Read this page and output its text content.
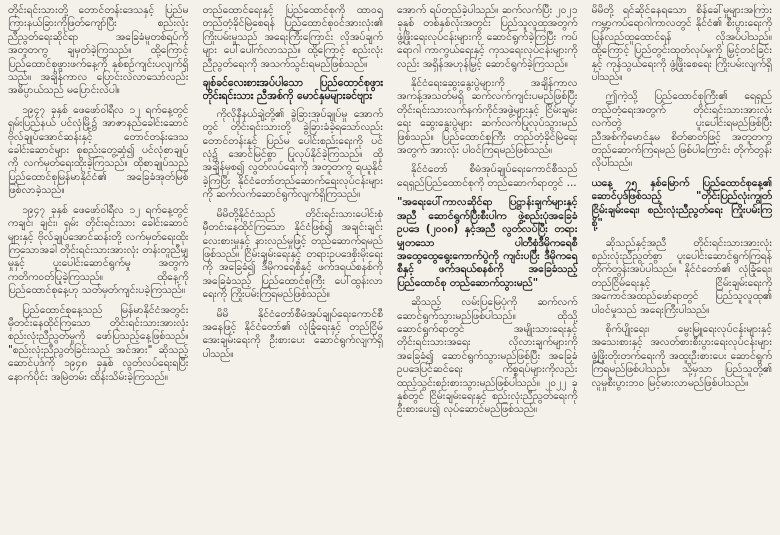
တိုင်းရင်းသားတို့ တောင်တန်းဒေသနှင့် ပြည်မကြားနယ်ခြားကိုဖြတ်ကျော်ပြီး စည်းလုံးညီညွတ်ရေးဆိုင်ရာ အခြေခံမူတစ်ရပ်ကို အတူတကွ ချမှတ်ခဲ့ကြသည်။ ထို့ကြောင့် ပြည်ထောင်စုဖွားဖက်နေ့ကို နှစ်စဉ်ကျင်းပလျက်ရှိသည်။ အချိန်ကာလ ပြောင်းလဲလာသော်လည်း အဓိပ္ပာယ်သည် မပြောင်းလဲပါ။

၁၉၄၇ ခုနှစ် ဖေဖော်ဝါရီလ ၁၂ ရက်နေ့တွင် ရှမ်းပြည်နယ် ပင်လုံမြို့၌ အာဇာနည်ခေါင်းဆောင် ဗိုလ်ချုပ်အောင်ဆန်းနှင့် တောင်တန်းဒေသခေါင်းဆောင်များ စုစည်းတွေ့ဆုံ၍ ပင်လုံစာချုပ်ကို လက်မှတ်ရေးထိုးခဲ့ကြသည်။ ထိုစာချုပ်သည် ပြည်ထောင်စုမြန်မာနိုင်ငံ၏ အခြေခံအုတ်မြစ်ဖြစ်လာခဲ့သည်။

၁၉၄၇ ခုနှစ် ဖေဖော်ဝါရီလ ၁၂ ရက်နေ့တွင် ကချင်၊ ချင်း၊ ရှမ်း တိုင်းရင်းသား ခေါင်းဆောင်များနှင့် ဗိုလ်ချုပ်အောင်ဆန်းတို့ လက်မှတ်ရေးထိုးကြသောအခါ တိုင်းရင်းသားအားလုံး တန်းတူညီမျှမှုနှင့် ပူးပေါင်းဆောင်ရွက်မှု အတွက် ကတိကဝတ်ပြုခဲ့ကြသည်။ ထိုနေ့ကို ပြည်ထောင်စုနေ့ဟု သတ်မှတ်ကျင်းပခဲ့ကြသည်။

ပြည်ထောင်စုနေ့သည် မြန်မာနိုင်ငံအတွင်း မှီတင်းနေထိုင်ကြသော တိုင်းရင်းသားအားလုံး စည်းလုံးညီညွတ်မှုကို ဖော်ပြသည့်နေ့ဖြစ်သည်။ "စည်းလုံးညီညွတ်ခြင်းသည် အင်အား" ဆိုသည့် ဆောင်ပုဒ်ကို ၁၉၄၈ ခုနှစ် လွတ်လပ်ရေးရပြီးနောက်ပိုင်း အမြဲတမ်း ထိန်းသိမ်းခဲ့ကြသည်။

တည်ထောင်ရေးနှင့် ပြည်ထောင်စုကို ထာဝရတည်တံ့ခိုင်မြဲစေရန် ပြည်ထောင်စုဝင်အားလုံး၏ ကြိုးပမ်းမှုသည် အရေးကြီးကြောင်း လိုအပ်ချက်များ ပေါ်ပေါက်လာသည်။ ထို့ကြောင့် စည်းလုံးညီညွတ်ရေးကို အသက်သွင်းရမည်ဖြစ်သည်။

ချစ်ခင်လေးစားအပ်ပါသော ပြည်ထောင်စုဖွား တိုင်းရင်းသား ညီအစ်ကို မောင်နှမများခင်ဗျား

ကိုလိုနီနယ်ချဲ့တို့၏ ခွဲခြားအုပ်ချုပ်မှု အောက်တွင် တိုင်းရင်းသားတို့ ခွဲခြားခံခဲ့ရသော်လည်း တောင်တန်းနှင့် ပြည်မ ပေါင်းစည်းရေးကို ပင်လုံ၌ အောင်မြင်စွာ ပြုလုပ်နိုင်ခဲ့ကြသည်။ ထိုအချိန်မှစ၍ လွတ်လပ်ရေးကို အတူတကွ ရယူနိုင်ခဲ့ကြပြီး နိုင်ငံတော်တည်ဆောက်ရေးလုပ်ငန်းများကို ဆက်လက်ဆောင်ရွက်လျက်ရှိကြသည်။

မိမိတို့နိုင်ငံသည် တိုင်းရင်းသားပေါင်းစုံ မှီတင်းနေထိုင်ကြသော နိုင်ငံဖြစ်၍ အချင်းချင်း လေးစားမှုနှင့် နားလည်မှုဖြင့် တည်ဆောက်ရမည်ဖြစ်သည်။ ငြိမ်းချမ်းရေးနှင့် တရားဥပဒေစိုးမိုးရေးကို အခြေခံ၍ ဒီမိုကရေစီနှင့် ဖက်ဒရယ်စနစ်ကို အခြေခံသည့် ပြည်ထောင်စုကြီး ပေါ်ထွန်းလာရေးကို ကြိုးပမ်းကြရမည်ဖြစ်သည်။

မိမိ နိုင်ငံတော်စီမံအုပ်ချုပ်ရေးကောင်စီ အနေဖြင့် နိုင်ငံတော်၏ လုံခြုံရေးနှင့် တည်ငြိမ်အေးချမ်းရေးကို ဦးစားပေး ဆောင်ရွက်လျက်ရှိပါသည်။

အောက် ရပ်တည်ခဲ့ပါသည်။ ဆက်လက်ပြီး ၂၀၂၁ ခုနှစ် တစ်နှစ်လုံးအတွင်း ပြည်သူလူထုအတွက် ဖွံ့ဖြိုးရေးလုပ်ငန်းများကို ဆောင်ရွက်ခဲ့ကြပြီး ကပ်ရောဂါ ကာကွယ်ရေးနှင့် ကုသရေးလုပ်ငန်းများကိုလည်း အရှိန်အဟုန်မြှင့် ဆောင်ရွက်ခဲ့ကြသည်။

နိုင်ငံရေးဆွေးနွေးပွဲများကို အချိန်ကာလ အကန့်အသတ်မရှိ ဆက်လက်ကျင်းပမည်ဖြစ်ပြီး တိုင်းရင်းသားလက်နက်ကိုင်အဖွဲ့များနှင့် ငြိမ်းချမ်းရေး ဆွေးနွေးပွဲများ ဆက်လက်ပြုလုပ်သွားမည်ဖြစ်သည်။ ပြည်ထောင်စုကြီး တည်တံ့ခိုင်မြဲရေးအတွက် အားလုံး ပါဝင်ကြရမည်ဖြစ်သည်။

နိုင်ငံတော် စီမံအုပ်ချုပ်ရေးကောင်စီသည် ရေရှည်ပြည်ထောင်စုကို တည်ဆောက်ရာတွင် ...

"အရေးပေါ်ကာလဆိုင်ရာ ပြဋ္ဌာန်းချက်များနှင့်အညီ ဆောင်ရွက်ပြီးစီးပါက ဖွဲ့စည်းပုံအခြေခံဥပဒေ (၂၀၀၈) နှင့်အညီ လွတ်လပ်ပြီး တရားမျှတသော ပါတီစုံဒီမိုကရေစီ အထွေထွေရွေးကောက်ပွဲကို ကျင်းပပြီး ဒီမိုကရေစီနှင့် ဖက်ဒရယ်စနစ်ကို အခြေခံသည့် ပြည်ထောင်စု တည်ဆောက်သွားမည်"

ဆိုသည့် လမ်းပြမြေပုံကို ဆက်လက်ဆောင်ရွက်သွားမည်ဖြစ်ပါသည်။ ထိုသို့ ဆောင်ရွက်ရာတွင် အမျိုးသားရေးနှင့် တိုင်းရင်းသားအရေး လိုလားချက်များကို အခြေခံ၍ ဆောင်ရွက်သွားမည်ဖြစ်ပြီး အခြေခံဥပဒေပြင်ဆင်ရေး ကိစ္စရပ်များကိုလည်း ထည့်သွင်းစဉ်းစားသွားမည်ဖြစ်ပါသည်။ ၂၀၂၂ ခုနှစ်တွင် ငြိမ်းချမ်းရေးနှင့် စည်းလုံးညီညွတ်ရေးကို ဦးစားပေး၍ လုပ်ဆောင်မည်ဖြစ်သည်။

မိမိတို့ ရင်ဆိုင်နေရသော စိန်ခေါ်မှုများအကြား ကမ္ဘာ့ကပ်ရောဂါကာလတွင် နိုင်ငံ၏ စီးပွားရေးကို ပြန်လည်ထူထောင်ရန် လိုအပ်ပါသည်။ ထို့ကြောင့် ပြည်တွင်းထုတ်လုပ်မှုကို မြှင့်တင်ခြင်းနှင့် ကုန်သွယ်ရေးကို ဖွံ့ဖြိုးစေရေး ကြိုးပမ်းလျက်ရှိပါသည်။

ဤကဲ့သို့ ပြည်ထောင်စုကြီး၏ ရေရှည်တည်တံ့ရေးအတွက် တိုင်းရင်းသားအားလုံး လက်တွဲ ပူးပေါင်းရမည်ဖြစ်ပြီး ညီအစ်ကိုမောင်နှမ စိတ်ဓာတ်ဖြင့် အတူတကွ တည်ဆောက်ကြရမည် ဖြစ်ပါကြောင်း တိုက်တွန်းလိုပါသည်။

ယနေ့ ၇၅ နှစ်မြောက် ပြည်ထောင်စုနေ့၏ ဆောင်ပုဒ်ဖြစ်သည့် "တိုင်းပြည်လုံးကျွတ် ငြိမ်းချမ်းရေး၊ စည်းလုံးညီညွတ်ရေး ကြိုးပမ်းကြစို့"

ဆိုသည်နှင့်အညီ တိုင်းရင်းသားအားလုံး စည်းလုံးညီညွတ်စွာ ပူးပေါင်းဆောင်ရွက်ကြရန် တိုက်တွန်းအပ်ပါသည်။ နိုင်ငံတော်၏ လုံခြုံရေး၊ တည်ငြိမ်ရေးနှင့် ငြိမ်းချမ်းရေးကို အကောင်အထည်ဖော်ရာတွင် ပြည်သူလူထု၏ ပါဝင်မှုသည် အရေးကြီးပါသည်။

စိုက်ပျိုးရေး၊ မွေးမြူရေးလုပ်ငန်းများနှင့် အသေးစားနှင့် အလတ်စားစီးပွားရေးလုပ်ငန်းများ ဖွံ့ဖြိုးတိုးတက်ရေးကို အထူးဦးစားပေး ဆောင်ရွက်ကြရမည်ဖြစ်ပါသည်။ သို့မှသာ ပြည်သူတို့၏ လူမှုစီးပွားဘဝ မြင့်မားလာမည်ဖြစ်ပါသည်။
